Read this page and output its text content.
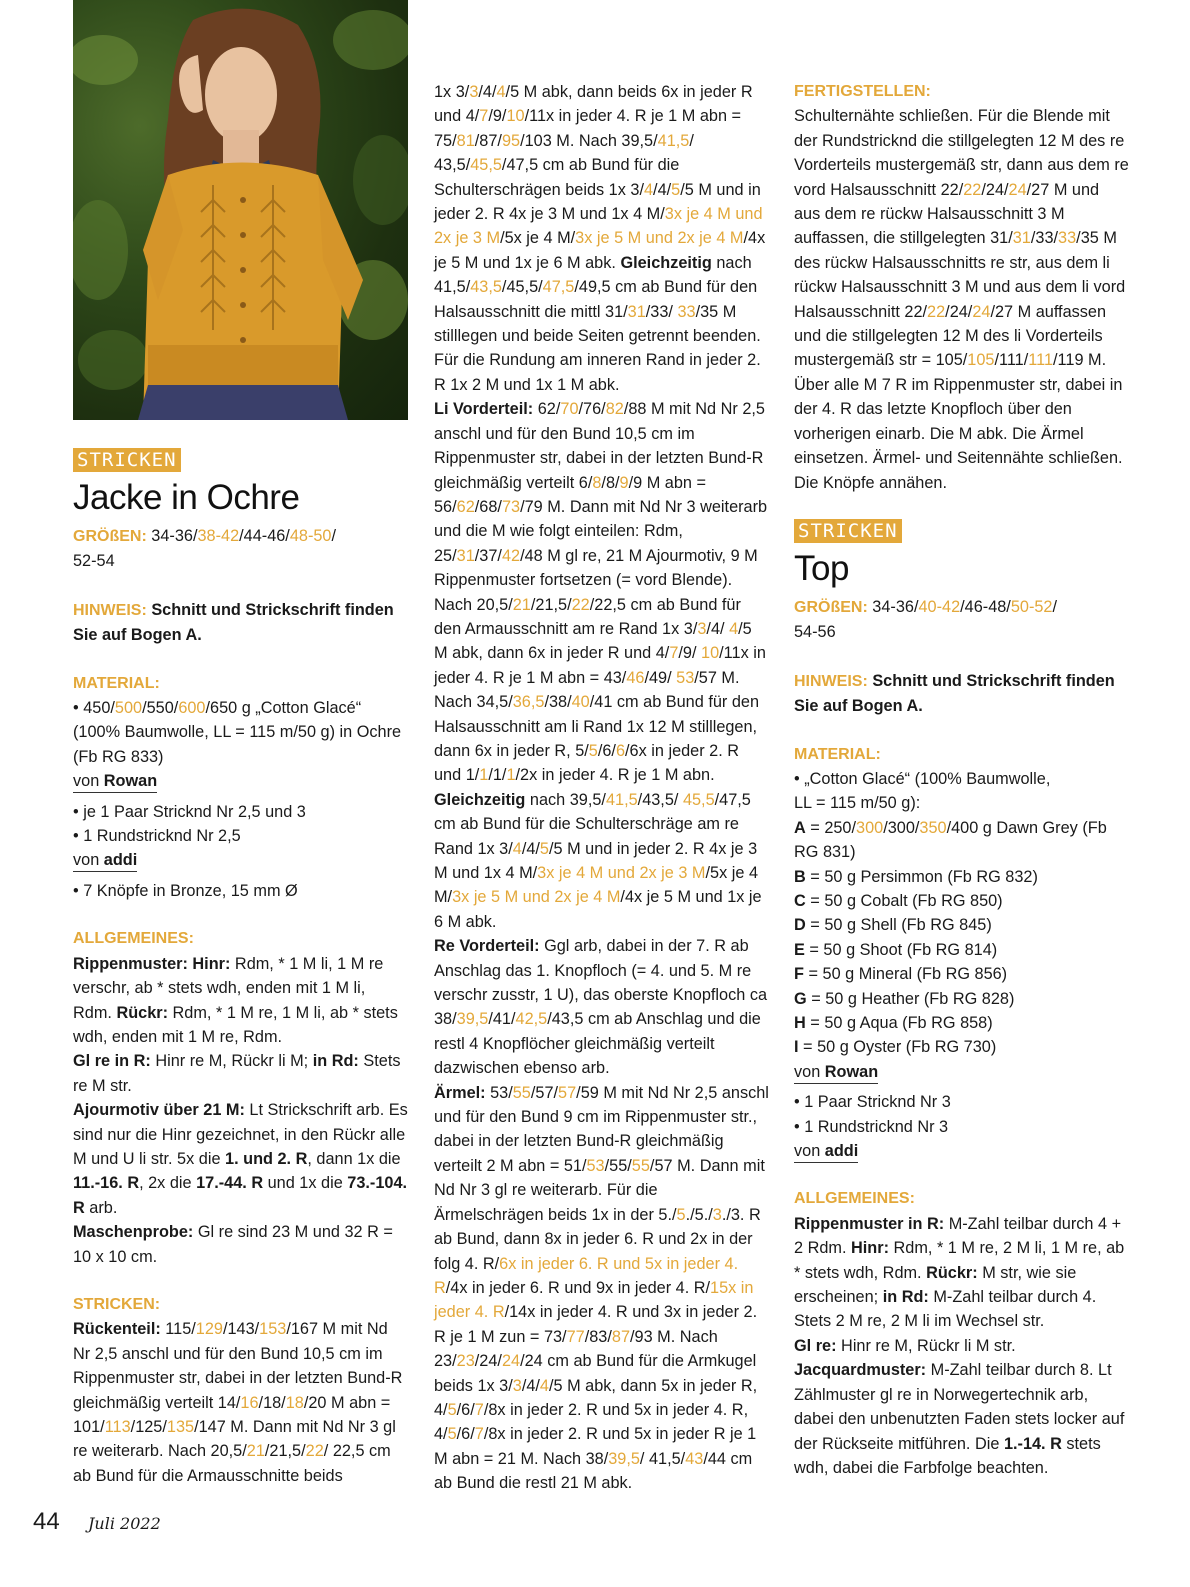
STRICKEN
Jacke in Ochre

GRÖßEN: 34-36/38-42/44-46/48-50/
52-54

HINWEIS: Schnitt und Strickschrift finden Sie auf Bogen A.

MATERIAL:

• 450/500/550/600/650 g „Cotton Glacé“ (100% Baumwolle, LL = 115 m/50 g) in Ochre (Fb RG 833)

von Rowan

• je 1 Paar Stricknd Nr 2,5 und 3

• 1 Rundstricknd Nr 2,5

von addi

• 7 Knöpfe in Bronze, 15 mm Ø

ALLGEMEINES:

Rippenmuster: Hinr: Rdm, * 1 M li, 1 M re verschr, ab * stets wdh, enden mit 1 M li, Rdm. Rückr: Rdm, * 1 M re, 1 M li, ab * stets wdh, enden mit 1 M re, Rdm.
Gl re in R: Hinr re M, Rückr li M; in Rd: Stets re M str.
Ajourmotiv über 21 M: Lt Strickschrift arb. Es sind nur die Hinr gezeichnet, in den Rückr alle M und U li str. 5x die 1. und 2. R, dann 1x die 11.-16. R, 2x die 17.-44. R und 1x die 73.-104. R arb.
Maschenprobe: Gl re sind 23 M und 32 R = 10 x 10 cm.

STRICKEN:

Rückenteil: 115/129/143/153/167 M mit Nd Nr 2,5 anschl und für den Bund 10,5 cm im Rippenmuster str, dabei in der letzten Bund-R gleichmäßig verteilt 14/16/18/18/20 M abn = 101/113/125/135/147 M. Dann mit Nd Nr 3 gl re weiterarb. Nach 20,5/21/21,5/22/ 22,5 cm ab Bund für die Armausschnitte beids

1x 3/3/4/4/5 M abk, dann beids 6x in jeder R und 4/7/9/10/11x in jeder 4. R je 1 M abn = 75/81/87/95/103 M. Nach 39,5/41,5/ 43,5/45,5/47,5 cm ab Bund für die Schulterschrägen beids 1x 3/4/4/5/5 M und in jeder 2. R 4x je 3 M und 1x 4 M/3x je 4 M und 2x je 3 M/5x je 4 M/3x je 5 M und 2x je 4 M/4x je 5 M und 1x je 6 M abk. Gleichzeitig nach 41,5/43,5/45,5/47,5/49,5 cm ab Bund für den Halsausschnitt die mittl 31/31/33/ 33/35 M stilllegen und beide Seiten getrennt beenden. Für die Rundung am inneren Rand in jeder 2. R 1x 2 M und 1x 1 M abk.

Li Vorderteil: 62/70/76/82/88 M mit Nd Nr 2,5 anschl und für den Bund 10,5 cm im Rippenmuster str, dabei in der letzten Bund-R gleichmäßig verteilt 6/8/8/9/9 M abn = 56/62/68/73/79 M. Dann mit Nd Nr 3 weiterarb und die M wie folgt einteilen: Rdm, 25/31/37/42/48 M gl re, 21 M Ajourmotiv, 9 M Rippenmuster fortsetzen (= vord Blende). Nach 20,5/21/21,5/22/22,5 cm ab Bund für den Armausschnitt am re Rand 1x 3/3/4/ 4/5 M abk, dann 6x in jeder R und 4/7/9/ 10/11x in jeder 4. R je 1 M abn = 43/46/49/ 53/57 M. Nach 34,5/36,5/38/40/41 cm ab Bund für den Halsausschnitt am li Rand 1x 12 M stilllegen, dann 6x in jeder R, 5/5/6/6/6x in jeder 2. R und 1/1/1/1/2x in jeder 4. R je 1 M abn. Gleichzeitig nach 39,5/41,5/43,5/ 45,5/47,5 cm ab Bund für die Schulterschräge am re Rand 1x 3/4/4/5/5 M und in jeder 2. R 4x je 3 M und 1x 4 M/3x je 4 M und 2x je 3 M/5x je 4 M/3x je 5 M und 2x je 4 M/4x je 5 M und 1x je 6 M abk.

Re Vorderteil: Ggl arb, dabei in der 7. R ab Anschlag das 1. Knopfloch (= 4. und 5. M re verschr zusstr, 1 U), das oberste Knopfloch ca 38/39,5/41/42,5/43,5 cm ab Anschlag und die restl 4 Knopflöcher gleichmäßig verteilt dazwischen ebenso arb.

Ärmel: 53/55/57/57/59 M mit Nd Nr 2,5 anschl und für den Bund 9 cm im Rippenmuster str., dabei in der letzten Bund-R gleichmäßig verteilt 2 M abn = 51/53/55/55/57 M. Dann mit Nd Nr 3 gl re weiterarb. Für die Ärmelschrägen beids 1x in der 5./5./5./3./3. R ab Bund, dann 8x in jeder 6. R und 2x in der folg 4. R/6x in jeder 6. R und 5x in jeder 4. R/4x in jeder 6. R und 9x in jeder 4. R/15x in jeder 4. R/14x in jeder 4. R und 3x in jeder 2. R je 1 M zun = 73/77/83/87/93 M. Nach 23/23/24/24/24 cm ab Bund für die Armkugel beids 1x 3/3/4/4/5 M abk, dann 5x in jeder R, 4/5/6/7/8x in jeder 2. R und 5x in jeder 4. R, 4/5/6/7/8x in jeder 2. R und 5x in jeder R je 1 M abn = 21 M. Nach 38/39,5/ 41,5/43/44 cm ab Bund die restl 21 M abk.

FERTIGSTELLEN:

Schulternähte schließen. Für die Blende mit der Rundstricknd die stillgelegten 12 M des re Vorderteils mustergemäß str, dann aus dem re vord Halsausschnitt 22/22/24/24/27 M und aus dem re rückw Halsausschnitt 3 M auffassen, die stillgelegten 31/31/33/33/35 M des rückw Halsausschnitts re str, aus dem li rückw Halsausschnitt 3 M und aus dem li vord Halsausschnitt 22/22/24/24/27 M auffassen und die stillgelegten 12 M des li Vorderteils mustergemäß str = 105/105/111/111/119 M. Über alle M 7 R im Rippenmuster str, dabei in der 4. R das letzte Knopfloch über den vorherigen einarb. Die M abk. Die Ärmel einsetzen. Ärmel- und Seitennähte schließen. Die Knöpfe annähen.

STRICKEN
Top

GRÖßEN: 34-36/40-42/46-48/50-52/
54-56

HINWEIS: Schnitt und Strickschrift finden Sie auf Bogen A.

MATERIAL:

• „Cotton Glacé“ (100% Baumwolle,
LL = 115 m/50 g):

A = 250/300/300/350/400 g Dawn Grey (Fb RG 831)
B = 50 g Persimmon (Fb RG 832)
C = 50 g Cobalt (Fb RG 850)
D = 50 g Shell (Fb RG 845)
E = 50 g Shoot (Fb RG 814)
F = 50 g Mineral (Fb RG 856)
G = 50 g Heather (Fb RG 828)
H = 50 g Aqua (Fb RG 858)
I = 50 g Oyster (Fb RG 730)

von Rowan

• 1 Paar Stricknd Nr 3

• 1 Rundstricknd Nr 3

von addi

ALLGEMEINES:

Rippenmuster in R: M-Zahl teilbar durch 4 + 2 Rdm. Hinr: Rdm, * 1 M re, 2 M li, 1 M re, ab * stets wdh, Rdm. Rückr: M str, wie sie erscheinen; in Rd: M-Zahl teilbar durch 4. Stets 2 M re, 2 M li im Wechsel str.
Gl re: Hinr re M, Rückr li M str.
Jacquardmuster: M-Zahl teilbar durch 8. Lt Zählmuster gl re in Norwegertechnik arb, dabei den unbenutzten Faden stets locker auf der Rückseite mitführen. Die 1.-14. R stets wdh, dabei die Farbfolge beachten.

44 Juli 2022
